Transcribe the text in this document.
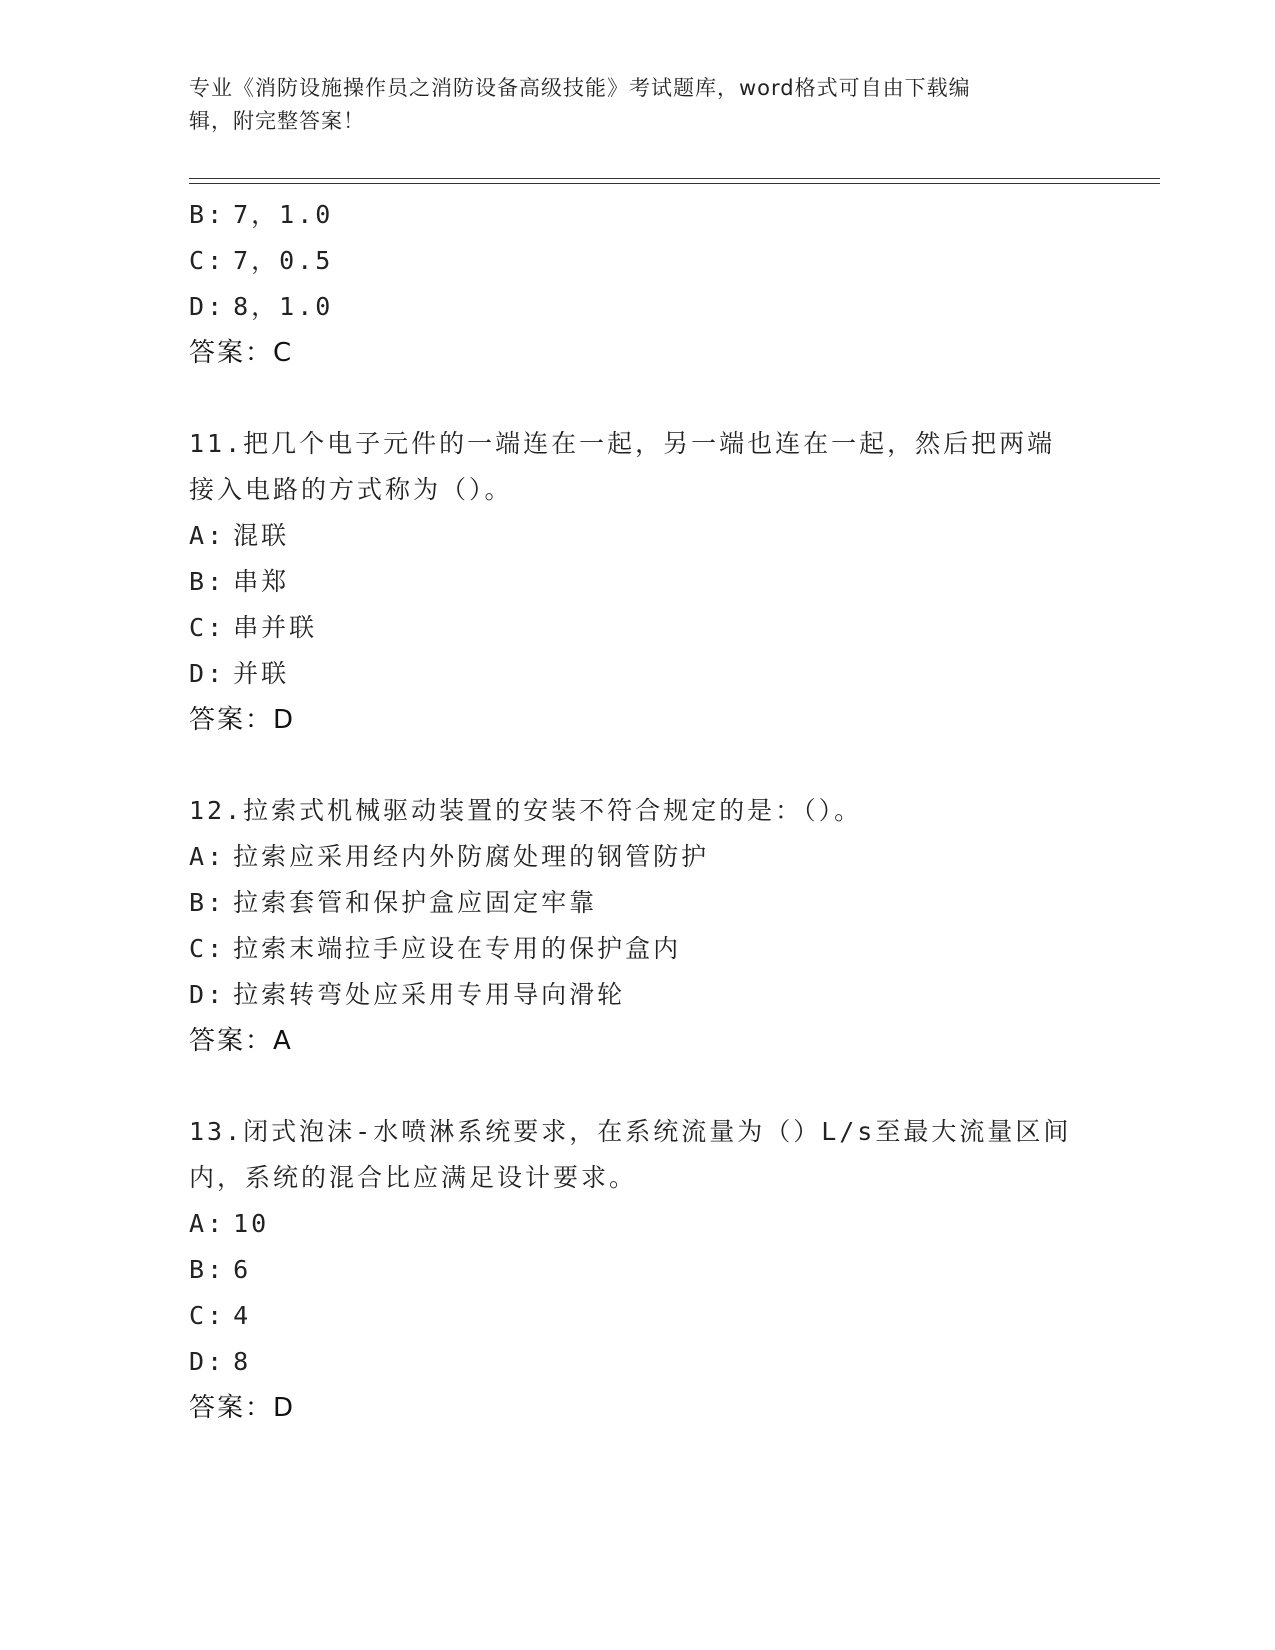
专业《消防设施操作员之消防设备高级技能》考试题库，word格式可自由下载编
辑，附完整答案！
B: 7，1.0
C: 7，0.5
D: 8，1.0
答案：C
11.把几个电子元件的一端连在一起，另一端也连在一起，然后把两端
接入电路的方式称为（）。
A: 混联
B: 串郑
C: 串并联
D: 并联
答案：D
12.拉索式机械驱动装置的安装不符合规定的是：（）。
A: 拉索应采用经内外防腐处理的钢管防护
B: 拉索套管和保护盒应固定牢靠
C: 拉索末端拉手应设在专用的保护盒内
D: 拉索转弯处应采用专用导向滑轮
答案：A
13.闭式泡沫-水喷淋系统要求，在系统流量为（）L/s至最大流量区间
内，系统的混合比应满足设计要求。
A: 10
B: 6
C: 4
D: 8
答案：D
